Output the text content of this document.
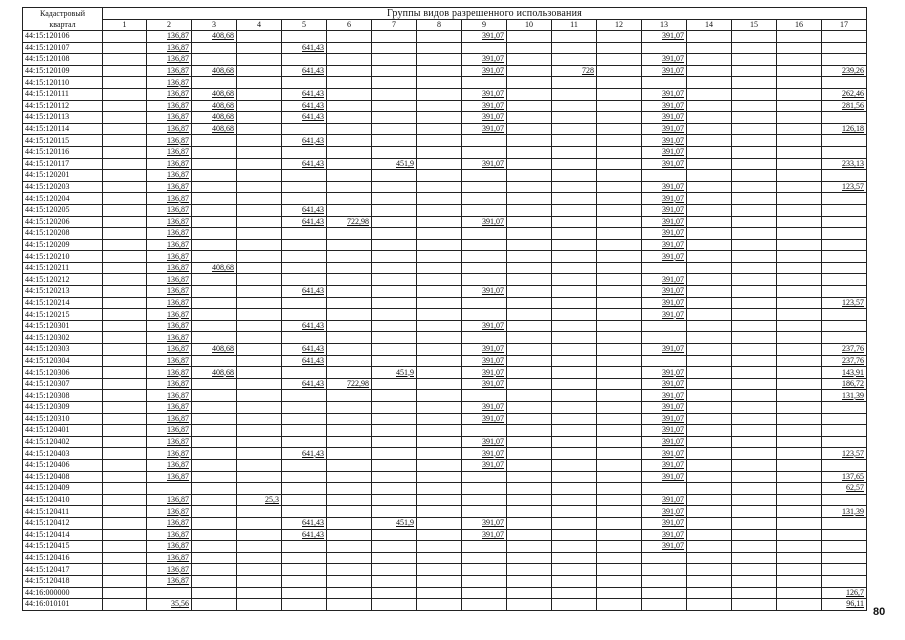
Кадастровый
квартал	Группы видов разрешенного использования																
	1	2	3	4	5	6	7	8	9	10	11	12	13	14	15	16	17
44:15:120106		136,87	408,68						391,07				391,07				
44:15:120107		136,87			641,43												
44:15:120108		136,87							391,07				391,07				
44:15:120109		136,87	408,68		641,43				391,07		728		391,07				239,26
44:15:120110		136,87															
44:15:120111		136,87	408,68		641,43				391,07				391,07				262,46
44:15:120112		136,87	408,68		641,43				391,07				391,07				281,56
44:15:120113		136,87	408,68		641,43				391,07				391,07				
44:15:120114		136,87	408,68						391,07				391,07				126,18
44:15:120115		136,87			641,43								391,07				
44:15:120116		136,87											391,07				
44:15:120117		136,87			641,43		451,9		391,07				391,07				233,13
44:15:120201		136,87															
44:15:120203		136,87											391,07				123,57
44:15:120204		136,87											391,07				
44:15:120205		136,87			641,43								391,07				
44:15:120206		136,87			641,43	722,98			391,07				391,07				
44:15:120208		136,87											391,07				
44:15:120209		136,87											391,07				
44:15:120210		136,87											391,07				
44:15:120211		136,87	408,68														
44:15:120212		136,87											391,07				
44:15:120213		136,87			641,43				391,07				391,07				
44:15:120214		136,87											391,07				123,57
44:15:120215		136,87											391,07				
44:15:120301		136,87			641,43				391,07								
44:15:120302		136,87															
44:15:120303		136,87	408,68		641,43				391,07				391,07				237,76
44:15:120304		136,87			641,43				391,07								237,76
44:15:120306		136,87	408,68				451,9		391,07				391,07				143,91
44:15:120307		136,87			641,43	722,98			391,07				391,07				186,72
44:15:120308		136,87											391,07				131,39
44:15:120309		136,87							391,07				391,07				
44:15:120310		136,87							391,07				391,07				
44:15:120401		136,87											391,07				
44:15:120402		136,87							391,07				391,07				
44:15:120403		136,87			641,43				391,07				391,07				123,57
44:15:120406		136,87							391,07				391,07				
44:15:120408		136,87											391,07				137,65
44:15:120409																	62,57
44:15:120410		136,87		25,3									391,07				
44:15:120411		136,87											391,07				131,39
44:15:120412		136,87			641,43		451,9		391,07				391,07				
44:15:120414		136,87			641,43				391,07				391,07				
44:15:120415		136,87											391,07				
44:15:120416		136,87															
44:15:120417		136,87															
44:15:120418		136,87															
44:16:000000																	126,7
44:16:010101		35,56															96,11
80
